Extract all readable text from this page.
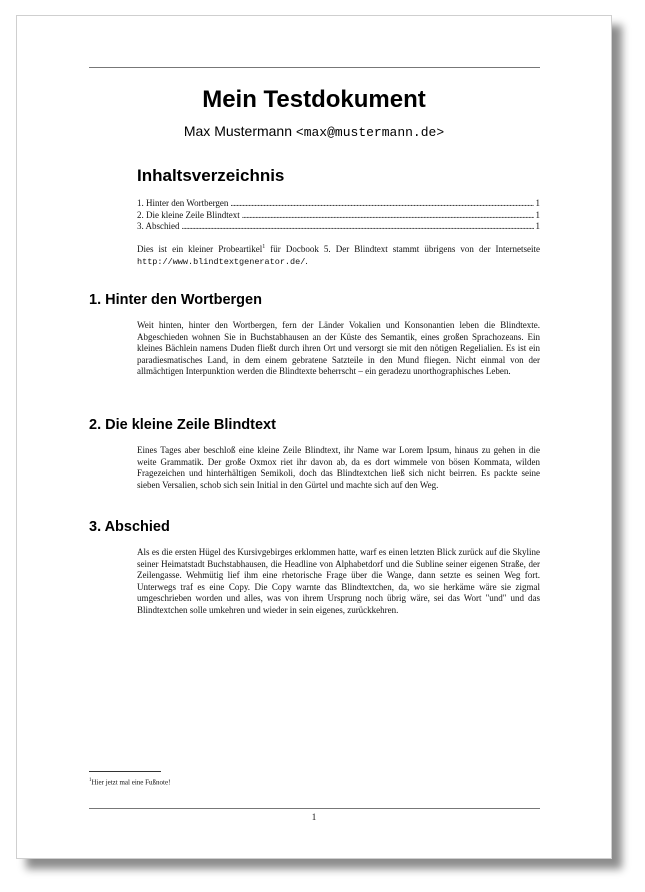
Mein Testdokument
Max Mustermann <max@mustermann.de>
Inhaltsverzeichnis
1. Hinter den Wortbergen . . .	1
2. Die kleine Zeile Blindtext . . .	1
3. Abschied . . .	1
Dies ist ein kleiner Probeartikel$^1$ für Docbook 5. Der Blindtext stammt übrigens von der Internetseite http://www.blindtextgenerator.de/.
1. Hinter den Wortbergen
Weit hinten, hinter den Wortbergen, fern der Länder Vokalien und Konsonantien leben die Blindtexte. Abgeschieden wohnen Sie in Buchstabhausen an der Küste des Semantik, eines großen Sprachozeans. Ein kleines Bächlein namens Duden fließt durch ihren Ort und versorgt sie mit den nötigen Regelialien. Es ist ein paradiesmatisches Land, in dem einem gebratene Satzteile in den Mund fliegen. Nicht einmal von der allmächtigen Interpunktion werden die Blindtexte beherrscht – ein geradezu unorthographisches Leben.
2. Die kleine Zeile Blindtext
Eines Tages aber beschloß eine kleine Zeile Blindtext, ihr Name war Lorem Ipsum, hinaus zu gehen in die weite Grammatik. Der große Oxmox riet ihr davon ab, da es dort wimmele von bösen Kommata, wilden Fragezeichen und hinterhältigen Semikoli, doch das Blindtextchen ließ sich nicht beirren. Es packte seine sieben Versalien, schob sich sein Initial in den Gürtel und machte sich auf den Weg.
3. Abschied
Als es die ersten Hügel des Kursivgebirges erklommen hatte, warf es einen letzten Blick zurück auf die Skyline seiner Heimatstadt Buchstabhausen, die Headline von Alphabetdorf und die Subline seiner eigenen Straße, der Zeilengasse. Wehmütig lief ihm eine rhetorische Frage über die Wange, dann setzte es seinen Weg fort. Unterwegs traf es eine Copy. Die Copy warnte das Blindtextchen, da, wo sie herkäme wäre sie zigmal umgeschrieben worden und alles, was von ihrem Ursprung noch übrig wäre, sei das Wort "und" und das Blindtextchen solle umkehren und wieder in sein eigenes, zurückkehren.
$^1$Hier jetzt mal eine Fußnote!
1
